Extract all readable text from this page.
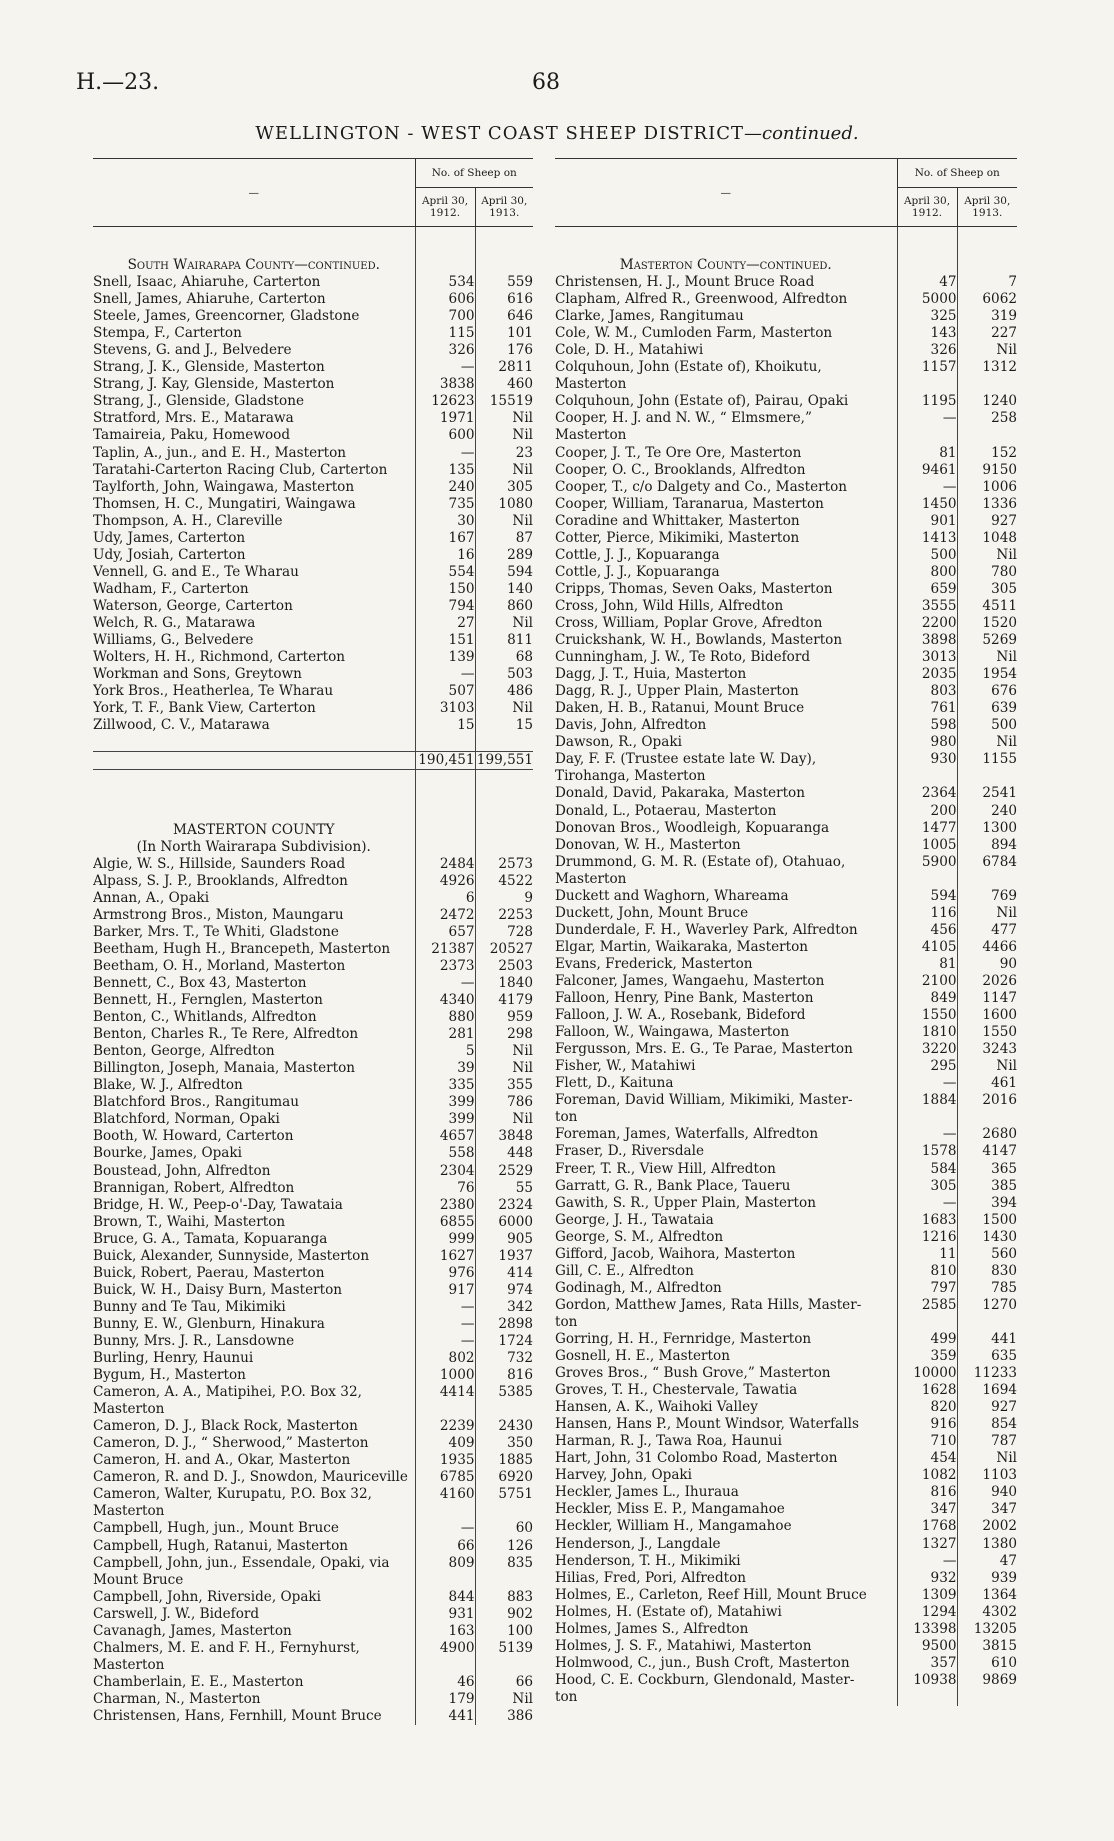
H.—23.	68
WELLINGTON - WEST COAST SHEEP DISTRICT—continued.
—	No. of Sheep on	
	April 30, 1912.	April 30, 1913.

South Wairarapa County—continued.		
Snell, Isaac, Ahiaruhe, Carterton	534	559
Snell, James, Ahiaruhe, Carterton	606	616
Steele, James, Greencorner, Gladstone	700	646
Stempa, F., Carterton	115	101
Stevens, G. and J., Belvedere	326	176
Strang, J. K., Glenside, Masterton	—	2811
Strang, J. Kay, Glenside, Masterton	3838	460
Strang, J., Glenside, Gladstone	12623	15519
Stratford, Mrs. E., Matarawa	1971	Nil
Tamaireia, Paku, Homewood	600	Nil
Taplin, A., jun., and E. H., Masterton	—	23
Taratahi-Carterton Racing Club, Carterton	135	Nil
Taylforth, John, Waingawa, Masterton	240	305
Thomsen, H. C., Mungatiri, Waingawa	735	1080
Thompson, A. H., Clareville	30	Nil
Udy, James, Carterton	167	87
Udy, Josiah, Carterton	16	289
Vennell, G. and E., Te Wharau	554	594
Wadham, F., Carterton	150	140
Waterson, George, Carterton	794	860
Welch, R. G., Matarawa	27	Nil
Williams, G., Belvedere	151	811
Wolters, H. H., Richmond, Carterton	139	68
Workman and Sons, Greytown	—	503
York Bros., Heatherlea, Te Wharau	507	486
York, T. F., Bank View, Carterton	3103	Nil
Zillwood, C. V., Matarawa	15	15

	190,451	199,551

MASTERTON COUNTY		
(In North Wairarapa Subdivision).		
Algie, W. S., Hillside, Saunders Road	2484	2573
Alpass, S. J. P., Brooklands, Alfredton	4926	4522
Annan, A., Opaki	6	9
Armstrong Bros., Miston, Maungaru	2472	2253
Barker, Mrs. T., Te Whiti, Gladstone	657	728
Beetham, Hugh H., Brancepeth, Masterton	21387	20527
Beetham, O. H., Morland, Masterton	2373	2503
Bennett, C., Box 43, Masterton	—	1840
Bennett, H., Fernglen, Masterton	4340	4179
Benton, C., Whitlands, Alfredton	880	959
Benton, Charles R., Te Rere, Alfredton	281	298
Benton, George, Alfredton	5	Nil
Billington, Joseph, Manaia, Masterton	39	Nil
Blake, W. J., Alfredton	335	355
Blatchford Bros., Rangitumau	399	786
Blatchford, Norman, Opaki	399	Nil
Booth, W. Howard, Carterton	4657	3848
Bourke, James, Opaki	558	448
Boustead, John, Alfredton	2304	2529
Brannigan, Robert, Alfredton	76	55
Bridge, H. W., Peep-o'-Day, Tawataia	2380	2324
Brown, T., Waihi, Masterton	6855	6000
Bruce, G. A., Tamata, Kopuaranga	999	905
Buick, Alexander, Sunnyside, Masterton	1627	1937
Buick, Robert, Paerau, Masterton	976	414
Buick, W. H., Daisy Burn, Masterton	917	974
Bunny and Te Tau, Mikimiki	—	342
Bunny, E. W., Glenburn, Hinakura	—	2898
Bunny, Mrs. J. R., Lansdowne	—	1724
Burling, Henry, Haunui	802	732
Bygum, H., Masterton	1000	816
Cameron, A. A., Matipihei, P.O. Box 32,	4414	5385
Masterton		
Cameron, D. J., Black Rock, Masterton	2239	2430
Cameron, D. J., “ Sherwood,” Masterton	409	350
Cameron, H. and A., Okar, Masterton	1935	1885
Cameron, R. and D. J., Snowdon, Mauriceville	6785	6920
Cameron, Walter, Kurupatu, P.O. Box 32,	4160	5751
Masterton		
Campbell, Hugh, jun., Mount Bruce	—	60
Campbell, Hugh, Ratanui, Masterton	66	126
Campbell, John, jun., Essendale, Opaki, via	809	835
Mount Bruce		
Campbell, John, Riverside, Opaki	844	883
Carswell, J. W., Bideford	931	902
Cavanagh, James, Masterton	163	100
Chalmers, M. E. and F. H., Fernyhurst,	4900	5139
Masterton		
Chamberlain, E. E., Masterton	46	66
Charman, N., Masterton	179	Nil
Christensen, Hans, Fernhill, Mount Bruce	441	386
—	No. of Sheep on	
	April 30, 1912.	April 30, 1913.

Masterton County—continued.		
Christensen, H. J., Mount Bruce Road	47	7
Clapham, Alfred R., Greenwood, Alfredton	5000	6062
Clarke, James, Rangitumau	325	319
Cole, W. M., Cumloden Farm, Masterton	143	227
Cole, D. H., Matahiwi	326	Nil
Colquhoun, John (Estate of), Khoikutu,	1157	1312
Masterton		
Colquhoun, John (Estate of), Pairau, Opaki	1195	1240
Cooper, H. J. and N. W., “ Elmsmere,”	—	258
Masterton		
Cooper, J. T., Te Ore Ore, Masterton	81	152
Cooper, O. C., Brooklands, Alfredton	9461	9150
Cooper, T., c/o Dalgety and Co., Masterton	—	1006
Cooper, William, Taranarua, Masterton	1450	1336
Coradine and Whittaker, Masterton	901	927
Cotter, Pierce, Mikimiki, Masterton	1413	1048
Cottle, J. J., Kopuaranga	500	Nil
Cottle, J. J., Kopuaranga	800	780
Cripps, Thomas, Seven Oaks, Masterton	659	305
Cross, John, Wild Hills, Alfredton	3555	4511
Cross, William, Poplar Grove, Afredton	2200	1520
Cruickshank, W. H., Bowlands, Masterton	3898	5269
Cunningham, J. W., Te Roto, Bideford	3013	Nil
Dagg, J. T., Huia, Masterton	2035	1954
Dagg, R. J., Upper Plain, Masterton	803	676
Daken, H. B., Ratanui, Mount Bruce	761	639
Davis, John, Alfredton	598	500
Dawson, R., Opaki	980	Nil
Day, F. F. (Trustee estate late W. Day),	930	1155
Tirohanga, Masterton		
Donald, David, Pakaraka, Masterton	2364	2541
Donald, L., Potaerau, Masterton	200	240
Donovan Bros., Woodleigh, Kopuaranga	1477	1300
Donovan, W. H., Masterton	1005	894
Drummond, G. M. R. (Estate of), Otahuao,	5900	6784
Masterton		
Duckett and Waghorn, Whareama	594	769
Duckett, John, Mount Bruce	116	Nil
Dunderdale, F. H., Waverley Park, Alfredton	456	477
Elgar, Martin, Waikaraka, Masterton	4105	4466
Evans, Frederick, Masterton	81	90
Falconer, James, Wangaehu, Masterton	2100	2026
Falloon, Henry, Pine Bank, Masterton	849	1147
Falloon, J. W. A., Rosebank, Bideford	1550	1600
Falloon, W., Waingawa, Masterton	1810	1550
Fergusson, Mrs. E. G., Te Parae, Masterton	3220	3243
Fisher, W., Matahiwi	295	Nil
Flett, D., Kaituna	—	461
Foreman, David William, Mikimiki, Master-	1884	2016
ton		
Foreman, James, Waterfalls, Alfredton	—	2680
Fraser, D., Riversdale	1578	4147
Freer, T. R., View Hill, Alfredton	584	365
Garratt, G. R., Bank Place, Taueru	305	385
Gawith, S. R., Upper Plain, Masterton	—	394
George, J. H., Tawataia	1683	1500
George, S. M., Alfredton	1216	1430
Gifford, Jacob, Waihora, Masterton	11	560
Gill, C. E., Alfredton	810	830
Godinagh, M., Alfredton	797	785
Gordon, Matthew James, Rata Hills, Master-	2585	1270
ton		
Gorring, H. H., Fernridge, Masterton	499	441
Gosnell, H. E., Masterton	359	635
Groves Bros., “ Bush Grove,” Masterton	10000	11233
Groves, T. H., Chestervale, Tawatia	1628	1694
Hansen, A. K., Waihoki Valley	820	927
Hansen, Hans P., Mount Windsor, Waterfalls	916	854
Harman, R. J., Tawa Roa, Haunui	710	787
Hart, John, 31 Colombo Road, Masterton	454	Nil
Harvey, John, Opaki	1082	1103
Heckler, James L., Ihuraua	816	940
Heckler, Miss E. P., Mangamahoe	347	347
Heckler, William H., Mangamahoe	1768	2002
Henderson, J., Langdale	1327	1380
Henderson, T. H., Mikimiki	—	47
Hilias, Fred, Pori, Alfredton	932	939
Holmes, E., Carleton, Reef Hill, Mount Bruce	1309	1364
Holmes, H. (Estate of), Matahiwi	1294	4302
Holmes, James S., Alfredton	13398	13205
Holmes, J. S. F., Matahiwi, Masterton	9500	3815
Holmwood, C., jun., Bush Croft, Masterton	357	610
Hood, C. E. Cockburn, Glendonald, Master-	10938	9869
ton		
